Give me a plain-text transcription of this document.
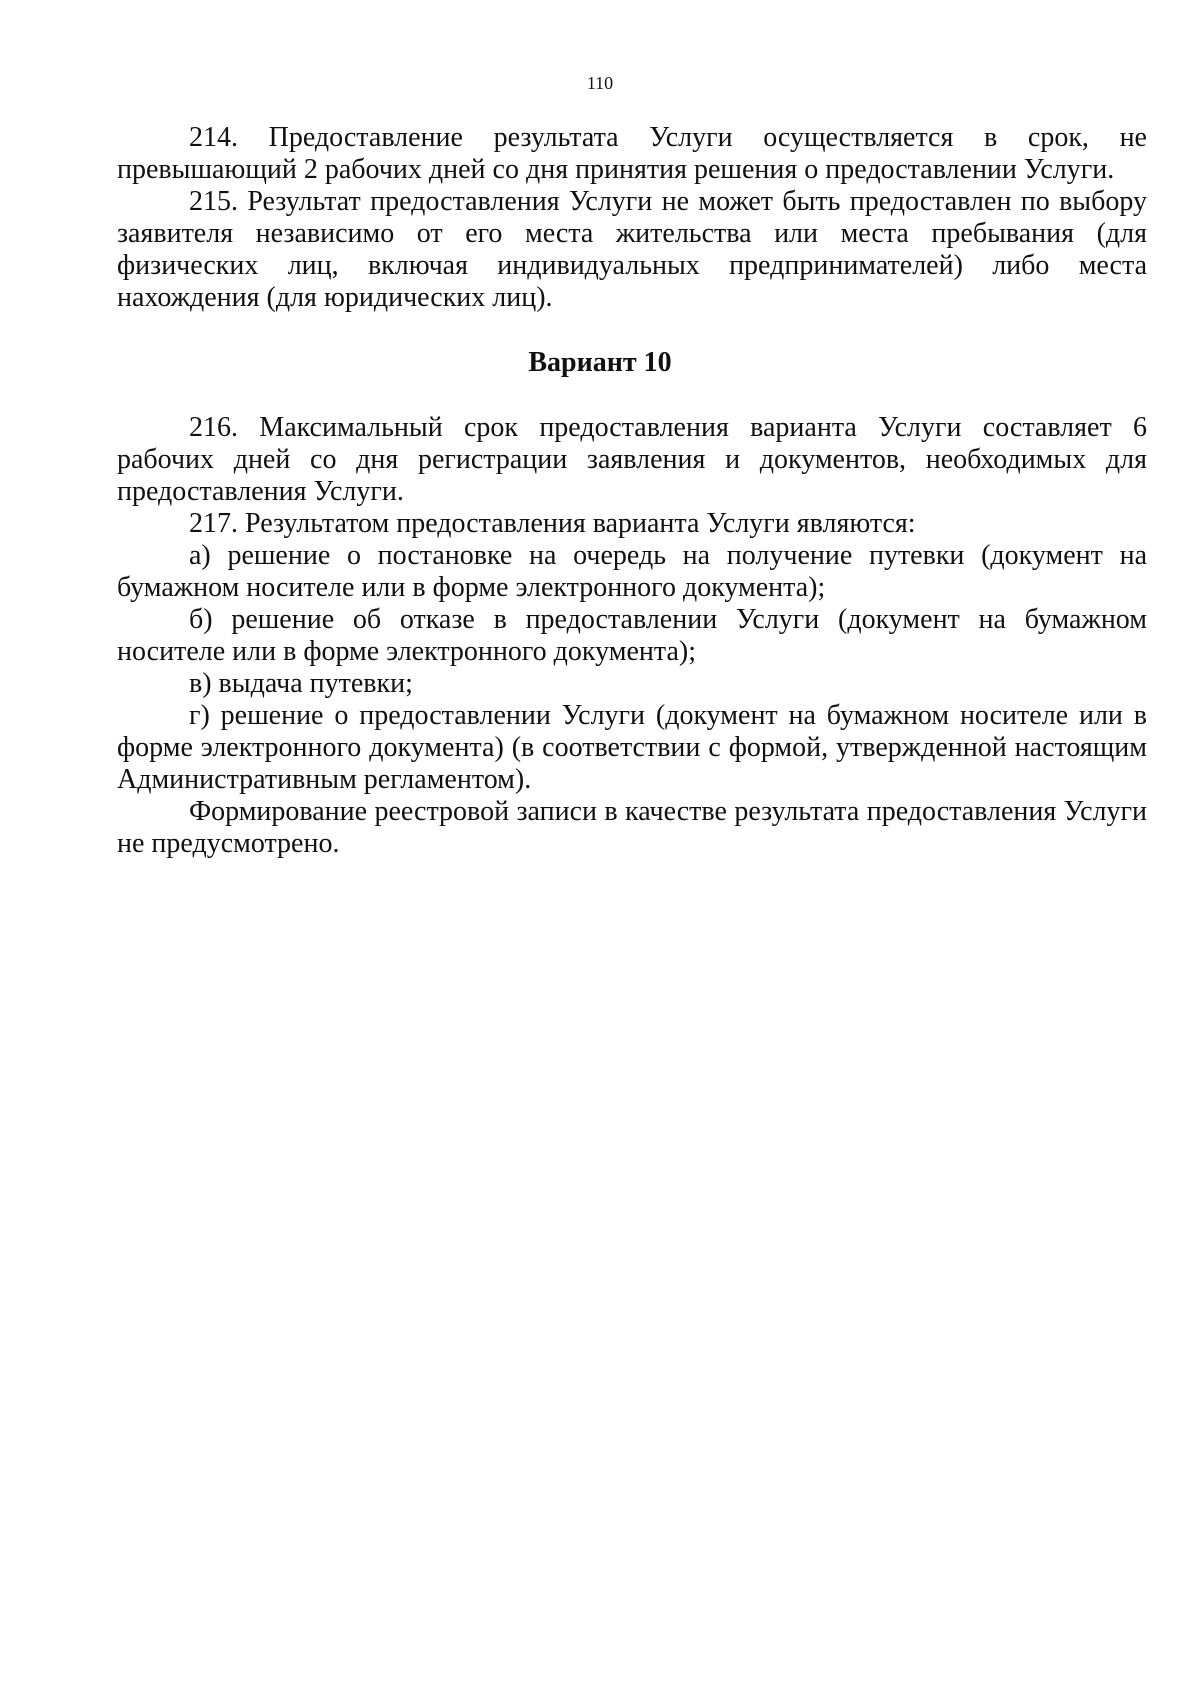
110

214. Предоставление результата Услуги осуществляется в срок, не превышающий 2 рабочих дней со дня принятия решения о предоставлении Услуги.

215. Результат предоставления Услуги не может быть предоставлен по выбору заявителя независимо от его места жительства или места пребывания (для физических лиц, включая индивидуальных предпринимателей) либо места нахождения (для юридических лиц).

Вариант 10

216. Максимальный срок предоставления варианта Услуги составляет 6 рабочих дней со дня регистрации заявления и документов, необходимых для предоставления Услуги.

217. Результатом предоставления варианта Услуги являются:

а) решение о постановке на очередь на получение путевки (документ на бумажном носителе или в форме электронного документа);

б) решение об отказе в предоставлении Услуги (документ на бумажном носителе или в форме электронного документа);

в) выдача путевки;

г) решение о предоставлении Услуги (документ на бумажном носителе или в форме электронного документа) (в соответствии с формой, утвержденной настоящим Административным регламентом).

Формирование реестровой записи в качестве результата предоставления Услуги не предусмотрено.
